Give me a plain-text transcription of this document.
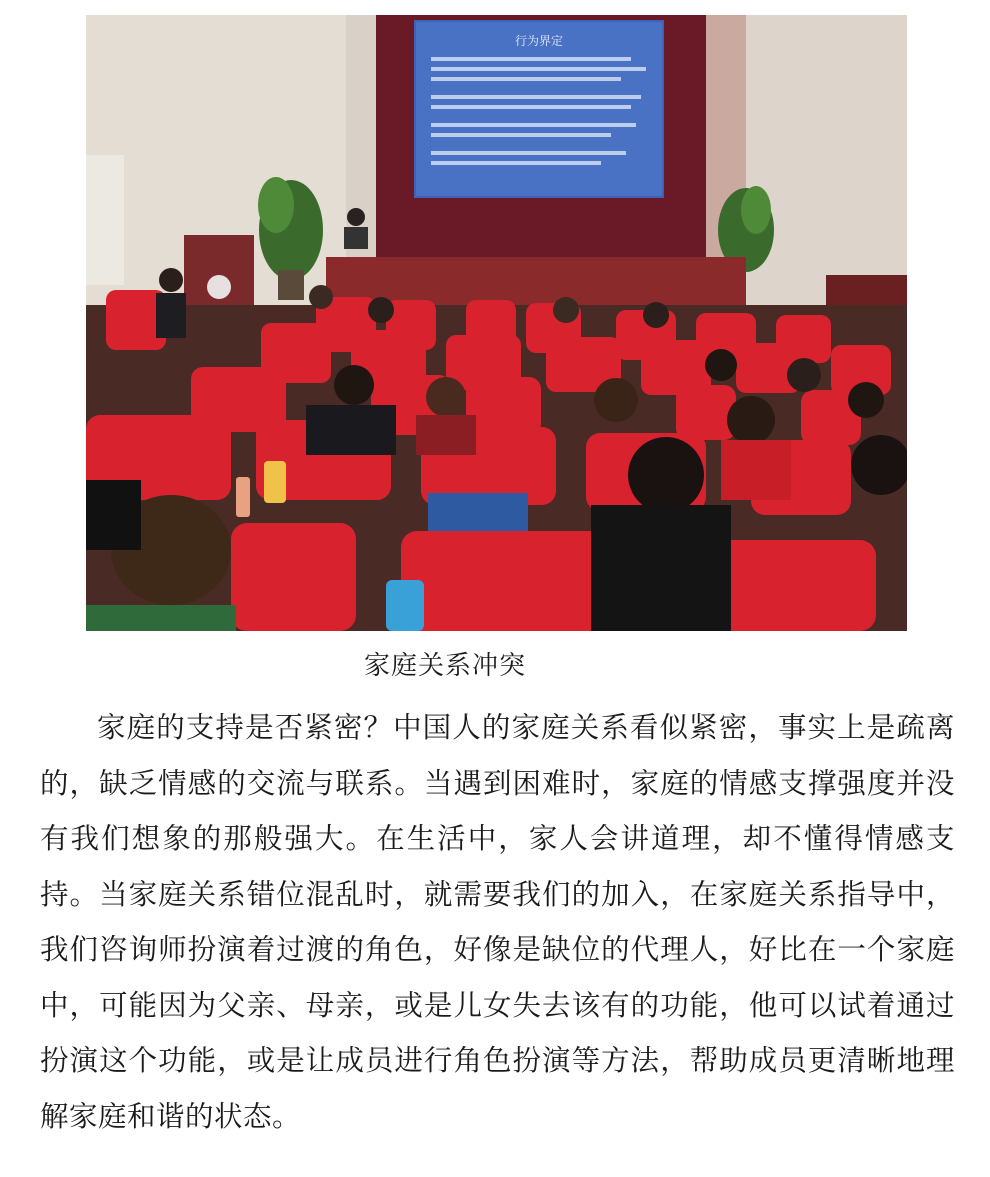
行为界定
家庭关系冲突

家庭的支持是否紧密？中国人的家庭关系看似紧密，事实上是疏离的，缺乏情感的交流与联系。当遇到困难时，家庭的情感支撑强度并没有我们想象的那般强大。在生活中，家人会讲道理，却不懂得情感支持。当家庭关系错位混乱时，就需要我们的加入，在家庭关系指导中，我们咨询师扮演着过渡的角色，好像是缺位的代理人，好比在一个家庭中，可能因为父亲、母亲，或是儿女失去该有的功能，他可以试着通过扮演这个功能，或是让成员进行角色扮演等方法，帮助成员更清晰地理解家庭和谐的状态。
